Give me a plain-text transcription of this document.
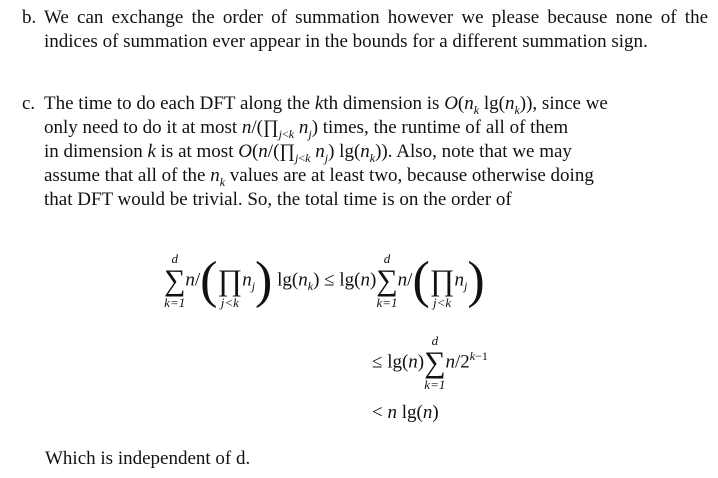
b. We can exchange the order of summation however we please because none of the indices of summation ever appear in the bounds for a different summation sign.
c. The time to do each DFT along the kth dimension is $O(n_k$ $\lg(n_k)$), since we
only need to do it at most $n/(\prod_{j<k}$ $n_j$) times, the runtime of all of them
in dimension k is at most $O(n/(\prod_{j<k}$ $n_j$) $\lg(n_k)$). Also, note that we may
assume that all of the $n_k$ values are at least two, because otherwise doing
that DFT would be trivial. So, the total time is on the order of
d
∑
k=1
n/(
∏
j<k
$n_j$) $\lg(n_k) \le \lg(n)$
d
∑
k=1
n/(
∏
j<k
$n_j$)
≤ lg(n)
d
∑
k=1
$n/2^{k-1}$
< n lg(n)
Which is independent of d.
